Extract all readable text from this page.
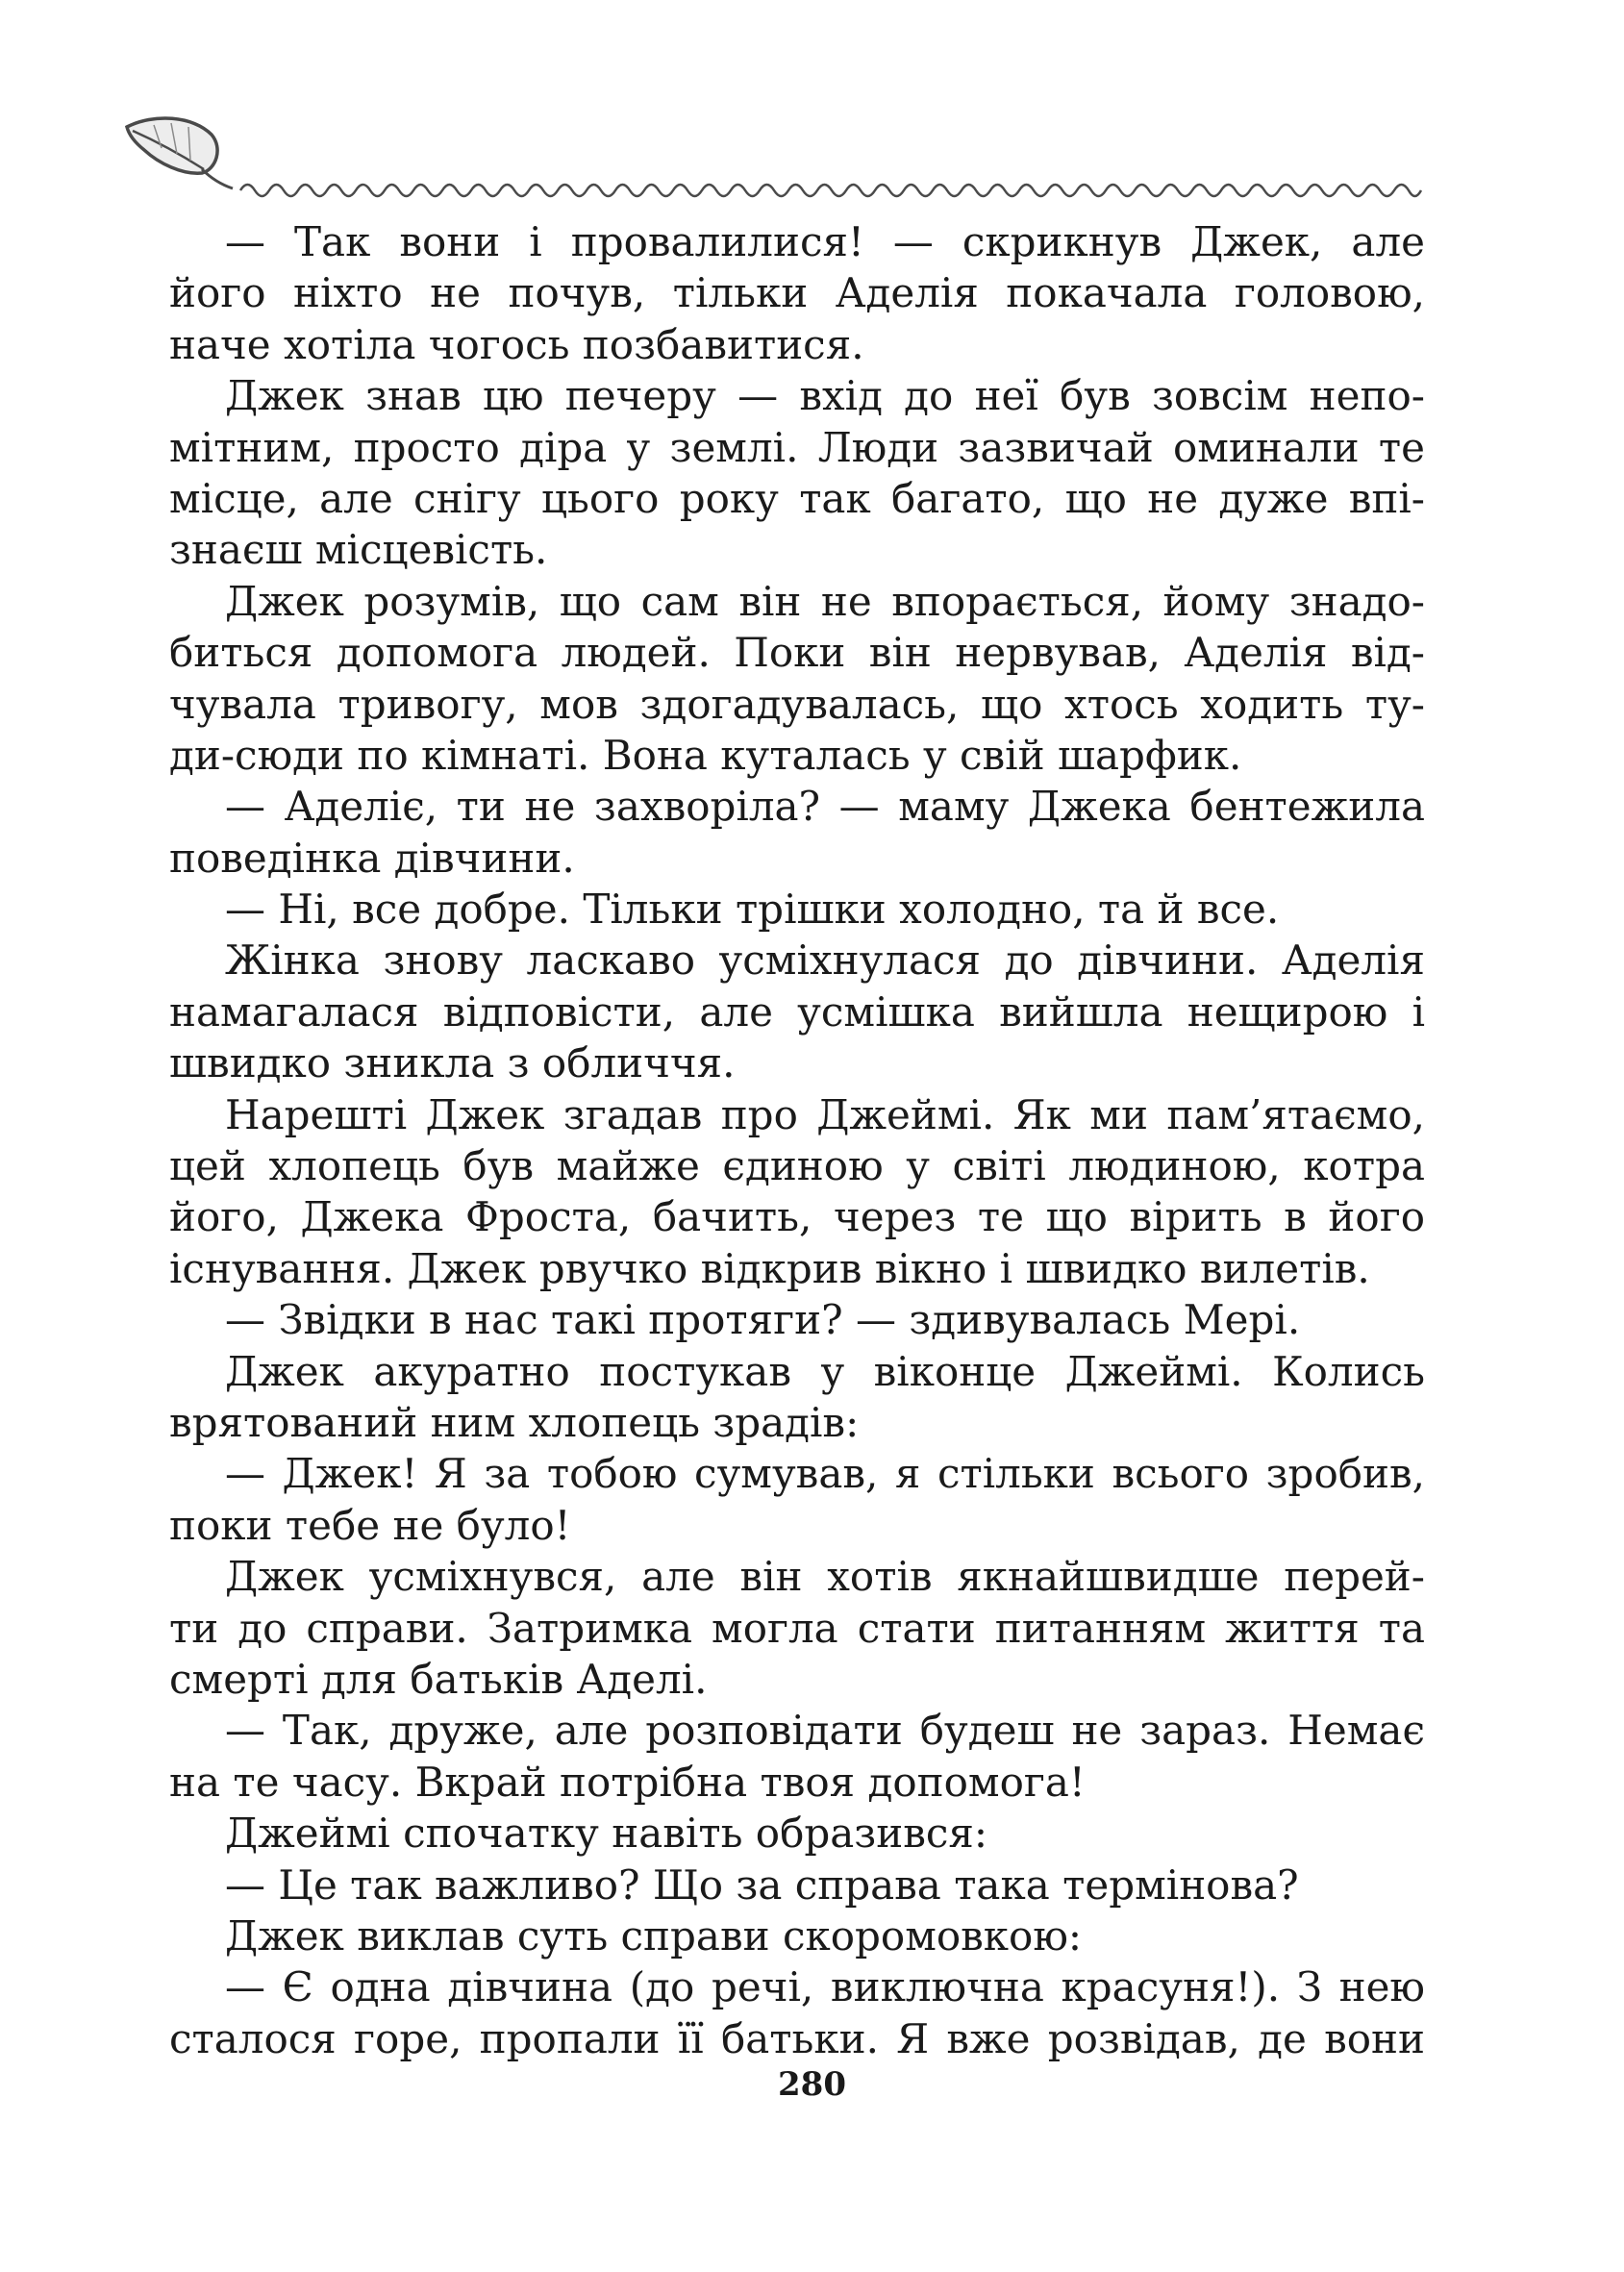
— Так вони і провалилися! — скрикнув Джек, але
його ніхто не почув, тільки Аделія покачала головою,
наче хотіла чогось позбавитися.
Джек знав цю печеру — вхід до неї був зовсім непо-
мітним, просто діра у землі. Люди зазвичай оминали те
місце, але снігу цього року так багато, що не дуже впі-
знаєш місцевість.
Джек розумів, що сам він не впорається, йому знадо-
биться допомога людей. Поки він нервував, Аделія від-
чувала тривогу, мов здогадувалась, що хтось ходить ту-
ди-сюди по кімнаті. Вона куталась у свій шарфик.
— Аделіє, ти не захворіла? — маму Джека бентежила
поведінка дівчини.
— Ні, все добре. Тільки трішки холодно, та й все.
Жінка знову ласкаво усміхнулася до дівчини. Аделія
намагалася відповісти, але усмішка вийшла нещирою і
швидко зникла з обличчя.
Нарешті Джек згадав про Джеймі. Як ми пам’ятаємо,
цей хлопець був майже єдиною у світі людиною, котра
його, Джека Фроста, бачить, через те що вірить в його
існування. Джек рвучко відкрив вікно і швидко вилетів.
— Звідки в нас такі протяги? — здивувалась Мері.
Джек акуратно постукав у віконце Джеймі. Колись
врятований ним хлопець зрадів:
— Джек! Я за тобою сумував, я стільки всього зробив,
поки тебе не було!
Джек усміхнувся, але він хотів якнайшвидше перей-
ти до справи. Затримка могла стати питанням життя та
смерті для батьків Аделі.
— Так, друже, але розповідати будеш не зараз. Немає
на те часу. Вкрай потрібна твоя допомога!
Джеймі спочатку навіть образився:
— Це так важливо? Що за справа така термінова?
Джек виклав суть справи скоромовкою:
— Є одна дівчина (до речі, виключна красуня!). З нею
сталося горе, пропали її батьки. Я вже розвідав, де вони
280
